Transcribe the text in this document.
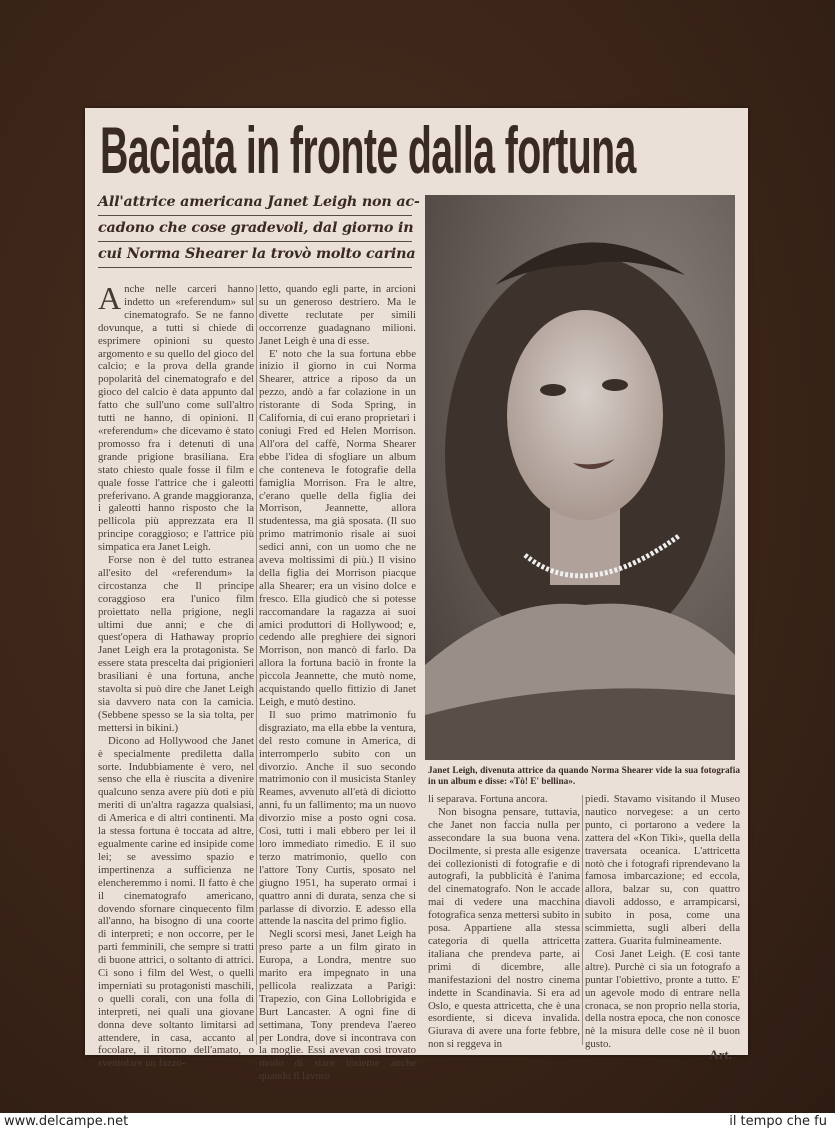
Baciata in fronte dalla fortuna
All'attrice americana Janet Leigh non ac-
cadono che cose gradevoli, dal giorno in
cui Norma Shearer la trovò molto carina

Anche nelle carceri hanno indetto un «referendum» sul cinematografo. Se ne fanno dovunque, a tutti si chiede di esprimere opinioni su questo argomento e su quello del gioco del calcio; e la prova della grande popolarità del cinematografo e del gioco del calcio è data appunto dal fatto che sull'uno come sull'altro tutti ne hanno, di opinioni. Il «referendum» che dicevamo è stato promosso fra i detenuti di una grande prigione brasiliana. Era stato chiesto quale fosse il film e quale fosse l'attrice che i galeotti preferivano. A grande maggioranza, i galeotti hanno risposto che la pellicola più apprezzata era Il principe coraggioso; e l'attrice più simpatica era Janet Leigh.

Forse non è del tutto estranea all'esito del «referendum» la circostanza che Il principe coraggioso era l'unico film proiettato nella prigione, negli ultimi due anni; e che di quest'opera di Hathaway proprio Janet Leigh era la protagonista. Se essere stata prescelta dai prigionieri brasiliani è una fortuna, anche stavolta si può dire che Janet Leigh sia davvero nata con la camicia. (Sebbene spesso se la sia tolta, per mettersi in bikini.)

Dicono ad Hollywood che Janet è specialmente prediletta dalla sorte. Indubbiamente è vero, nel senso che ella è riuscita a divenire qualcuno senza avere più doti e più meriti di un'altra ragazza qualsiasi, di America e di altri continenti. Ma la stessa fortuna è toccata ad altre, egualmente carine ed insipide come lei; se avessimo spazio e impertinenza a sufficienza ne elencheremmo i nomi. Il fatto è che il cinematografo americano, dovendo sfornare cinquecento film all'anno, ha bisogno di una coorte di interpreti; e non occorre, per le parti femminili, che sempre si tratti di buone attrici, o soltanto di attrici. Ci sono i film del West, o quelli imperniati su protagonisti maschili, o quelli corali, con una folla di interpreti, nei quali una giovane donna deve soltanto limitarsi ad attendere, in casa, accanto al focolare, il ritorno dell'amato, o sventolare un fazzo-

letto, quando egli parte, in arcioni su un generoso destriero. Ma le divette reclutate per simili occorrenze guadagnano milioni. Janet Leigh è una di esse.

E' noto che la sua fortuna ebbe inizio il giorno in cui Norma Shearer, attrice a riposo da un pezzo, andò a far colazione in un ristorante di Soda Spring, in California, di cui erano proprietari i coniugi Fred ed Helen Morrison. All'ora del caffè, Norma Shearer ebbe l'idea di sfogliare un album che conteneva le fotografie della famiglia Morrison. Fra le altre, c'erano quelle della figlia dei Morrison, Jeannette, allora studentessa, ma già sposata. (Il suo primo matrimonio risale ai suoi sedici anni, con un uomo che ne aveva moltissimi di più.) Il visino della figlia dei Morrison piacque alla Shearer; era un visino dolce e fresco. Ella giudicò che si potesse raccomandare la ragazza ai suoi amici produttori di Hollywood; e, cedendo alle preghiere dei signori Morrison, non mancò di farlo. Da allora la fortuna baciò in fronte la piccola Jeannette, che mutò nome, acquistando quello fittizio di Janet Leigh, e mutò destino.

Il suo primo matrimonio fu disgraziato, ma ella ebbe la ventura, del resto comune in America, di interromperlo subito con un divorzio. Anche il suo secondo matrimonio con il musicista Stanley Reames, avvenuto all'età di diciotto anni, fu un fallimento; ma un nuovo divorzio mise a posto ogni cosa. Così, tutti i mali ebbero per lei il loro immediato rimedio. E il suo terzo matrimonio, quello con l'attore Tony Curtis, sposato nel giugno 1951, ha superato ormai i quattro anni di durata, senza che si parlasse di divorzio. E adesso ella attende la nascita del primo figlio.

Negli scorsi mesi, Janet Leigh ha preso parte a un film girato in Europa, a Londra, mentre suo marito era impegnato in una pellicola realizzata a Parigi: Trapezio, con Gina Lollobrigida e Burt Lancaster. A ogni fine di settimana, Tony prendeva l'aereo per Londra, dove si incontrava con la moglie. Essi avevan così trovato modo di stare insieme anche quando il lavoro

Janet Leigh, divenuta attrice da quando Norma Shearer vide la sua fotografia in un album e disse: «Tò! E' bellina».

li separava. Fortuna ancora.

Non bisogna pensare, tuttavia, che Janet non faccia nulla per assecondare la sua buona vena. Docilmente, si presta alle esigenze dei collezionisti di fotografie e di autografi, la pubblicità è l'anima del cinematografo. Non le accade mai di vedere una macchina fotografica senza mettersi subito in posa. Appartiene alla stessa categoria di quella attricetta italiana che prendeva parte, ai primi di dicembre, alle manifestazioni del nostro cinema indette in Scandinavia. Si era ad Oslo, e questa attricetta, che è una esordiente, si diceva invalida. Giurava di avere una forte febbre, non si reggeva in

piedi. Stavamo visitando il Museo nautico norvegese: a un certo punto, ci portarono a vedere la zattera del «Kon Tiki», quella della traversata oceanica. L'attricetta notò che i fotografi riprendevano la famosa imbarcazione; ed eccola, allora, balzar su, con quattro diavoli addosso, e arrampicarsi, subito in posa, come una scimmietta, sugli alberi della zattera. Guarita fulmineamente.

Così Janet Leigh. (E così tante altre). Purchè ci sia un fotografo a puntar l'obiettivo, pronte a tutto. E' un agevole modo di entrare nella cronaca, se non proprio nella storia, della nostra epoca, che non conosce nè la misura delle cose nè il buon gusto.

Art.
www.delcampe.net	il tempo che fu
